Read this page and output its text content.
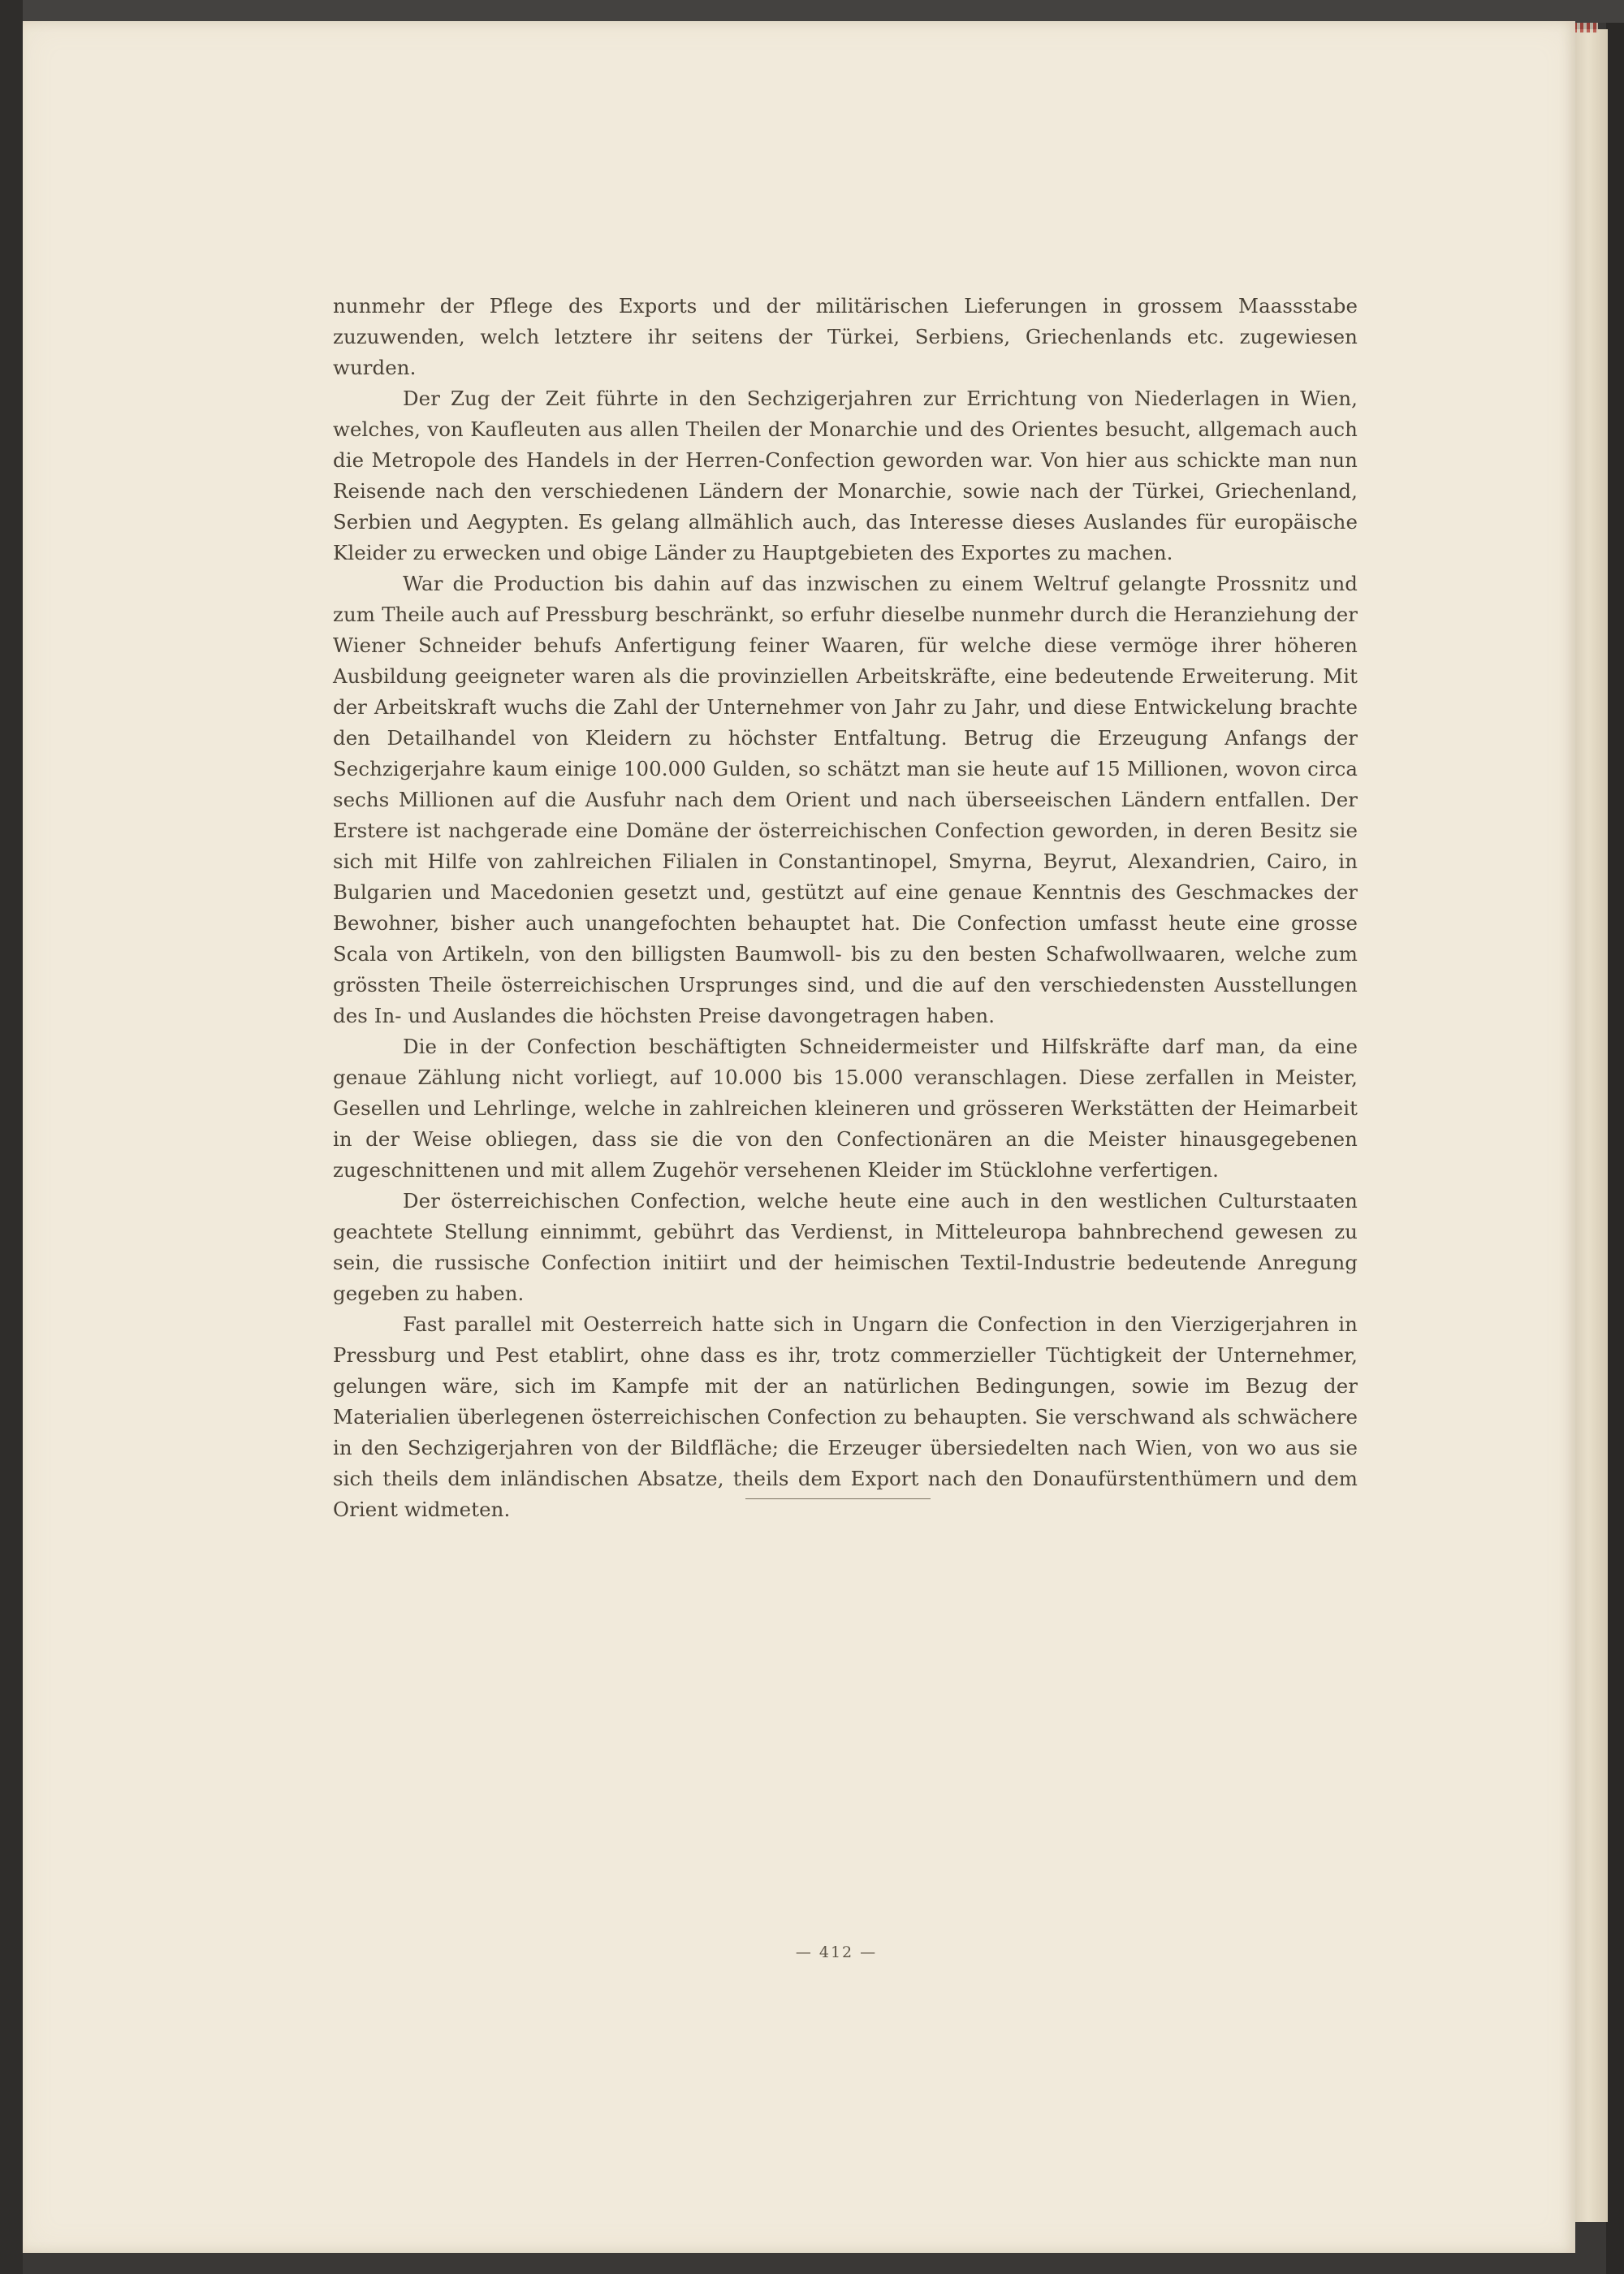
nunmehr der Pflege des Exports und der militärischen Lieferungen in grossem Maassstabe zuzuwenden, welch letztere ihr seitens der Türkei, Serbiens, Griechenlands etc. zugewiesen wurden.

Der Zug der Zeit führte in den Sechzigerjahren zur Errichtung von Niederlagen in Wien, welches, von Kaufleuten aus allen Theilen der Monarchie und des Orientes besucht, allgemach auch die Metropole des Handels in der Herren-Confection geworden war. Von hier aus schickte man nun Reisende nach den verschiedenen Ländern der Monarchie, sowie nach der Türkei, Griechenland, Serbien und Aegypten. Es gelang allmählich auch, das Interesse dieses Auslandes für europäische Kleider zu erwecken und obige Länder zu Hauptgebieten des Exportes zu machen.

War die Production bis dahin auf das inzwischen zu einem Weltruf gelangte Prossnitz und zum Theile auch auf Pressburg beschränkt, so erfuhr dieselbe nunmehr durch die Heranziehung der Wiener Schneider behufs Anfertigung feiner Waaren, für welche diese vermöge ihrer höheren Ausbildung geeigneter waren als die provinziellen Arbeitskräfte, eine bedeutende Erweiterung. Mit der Arbeitskraft wuchs die Zahl der Unternehmer von Jahr zu Jahr, und diese Entwickelung brachte den Detailhandel von Kleidern zu höchster Entfaltung. Betrug die Erzeugung Anfangs der Sechzigerjahre kaum einige 100.000 Gulden, so schätzt man sie heute auf 15 Millionen, wovon circa sechs Millionen auf die Ausfuhr nach dem Orient und nach überseeischen Ländern entfallen. Der Erstere ist nachgerade eine Domäne der österreichischen Confection geworden, in deren Besitz sie sich mit Hilfe von zahlreichen Filialen in Constantinopel, Smyrna, Beyrut, Alexandrien, Cairo, in Bulgarien und Macedonien gesetzt und, gestützt auf eine genaue Kenntnis des Geschmackes der Bewohner, bisher auch unangefochten behauptet hat. Die Confection umfasst heute eine grosse Scala von Artikeln, von den billigsten Baumwoll- bis zu den besten Schafwollwaaren, welche zum grössten Theile österreichischen Ursprunges sind, und die auf den verschiedensten Ausstellungen des In- und Auslandes die höchsten Preise davongetragen haben.

Die in der Confection beschäftigten Schneidermeister und Hilfskräfte darf man, da eine genaue Zählung nicht vorliegt, auf 10.000 bis 15.000 veranschlagen. Diese zerfallen in Meister, Gesellen und Lehrlinge, welche in zahlreichen kleineren und grösseren Werkstätten der Heimarbeit in der Weise obliegen, dass sie die von den Confectionären an die Meister hinausgegebenen zugeschnittenen und mit allem Zugehör versehenen Kleider im Stücklohne verfertigen.

Der österreichischen Confection, welche heute eine auch in den westlichen Culturstaaten geachtete Stellung einnimmt, gebührt das Verdienst, in Mitteleuropa bahnbrechend gewesen zu sein, die russische Confection initiirt und der heimischen Textil-Industrie bedeutende Anregung gegeben zu haben.

Fast parallel mit Oesterreich hatte sich in Ungarn die Confection in den Vierzigerjahren in Pressburg und Pest etablirt, ohne dass es ihr, trotz commerzieller Tüchtigkeit der Unternehmer, gelungen wäre, sich im Kampfe mit der an natürlichen Bedingungen, sowie im Bezug der Materialien überlegenen österreichischen Confection zu behaupten. Sie verschwand als schwächere in den Sechzigerjahren von der Bildfläche; die Erzeuger übersiedelten nach Wien, von wo aus sie sich theils dem inländischen Absatze, theils dem Export nach den Donaufürstenthümern und dem Orient widmeten.

— 412 —
